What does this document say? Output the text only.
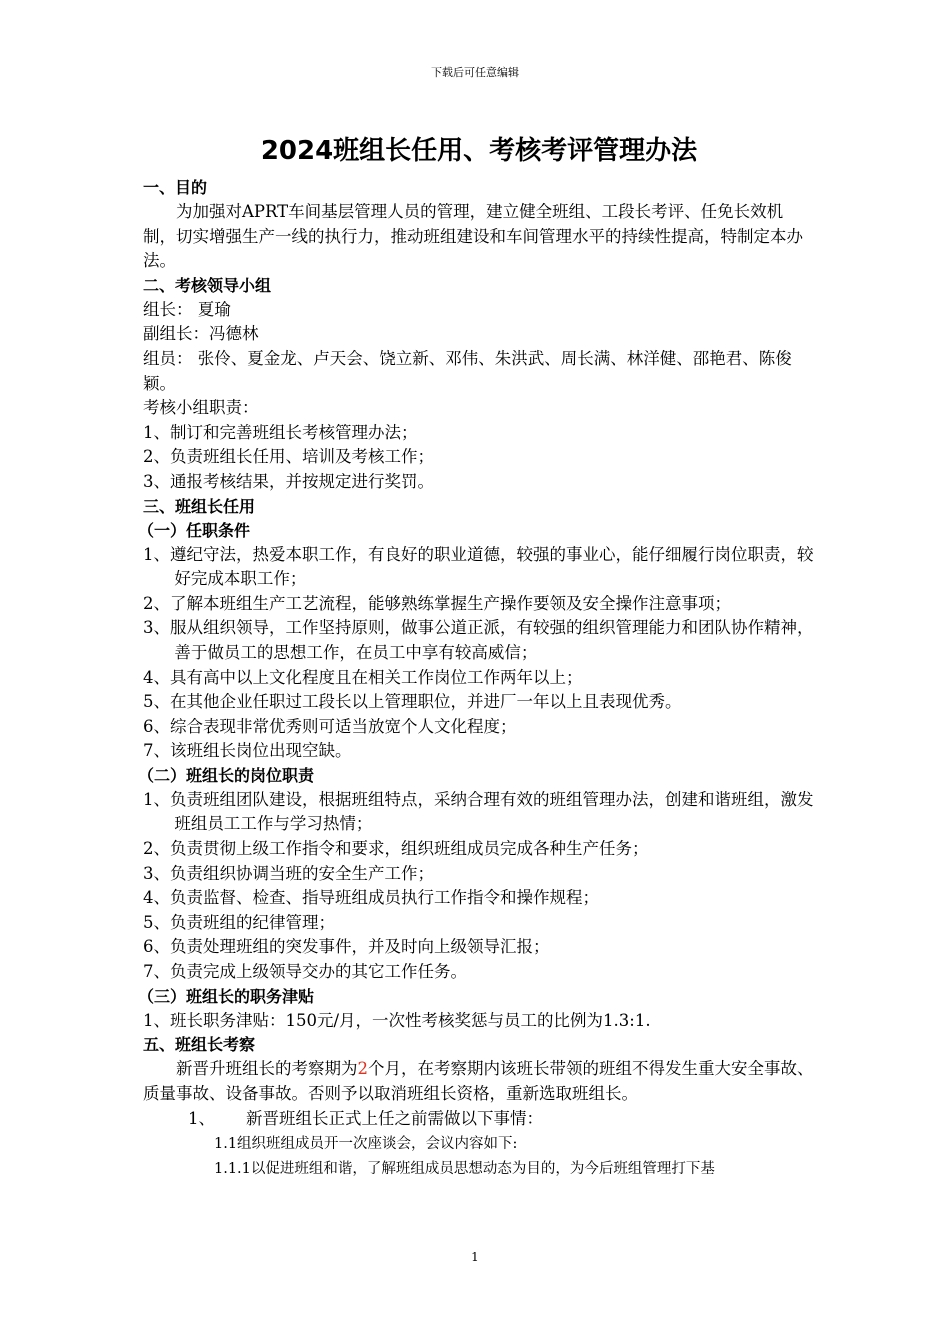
下载后可任意编辑
2024班组长任用、考核考评管理办法
一、目的
为加强对APRT车间基层管理人员的管理，建立健全班组、工段长考评、任免长效机制，切实增强生产一线的执行力，推动班组建设和车间管理水平的持续性提高，特制定本办法。
二、考核领导小组
组长： 夏瑜
副组长：冯德林
组员： 张伶、夏金龙、卢天会、饶立新、邓伟、朱洪武、周长满、林洋健、邵艳君、陈俊颖。
考核小组职责：
1、制订和完善班组长考核管理办法；
2、负责班组长任用、培训及考核工作；
3、通报考核结果，并按规定进行奖罚。
三、班组长任用
（一）任职条件
1、遵纪守法，热爱本职工作，有良好的职业道德，较强的事业心，能仔细履行岗位职责，较好完成本职工作；
2、了解本班组生产工艺流程，能够熟练掌握生产操作要领及安全操作注意事项；
3、服从组织领导，工作坚持原则，做事公道正派，有较强的组织管理能力和团队协作精神，善于做员工的思想工作，在员工中享有较高威信；
4、具有高中以上文化程度且在相关工作岗位工作两年以上；
5、在其他企业任职过工段长以上管理职位，并进厂一年以上且表现优秀。
6、综合表现非常优秀则可适当放宽个人文化程度；
7、该班组长岗位出现空缺。
（二）班组长的岗位职责
1、负责班组团队建设，根据班组特点，采纳合理有效的班组管理办法，创建和谐班组，激发班组员工工作与学习热情；
2、负责贯彻上级工作指令和要求，组织班组成员完成各种生产任务；
3、负责组织协调当班的安全生产工作；
4、负责监督、检查、指导班组成员执行工作指令和操作规程；
5、负责班组的纪律管理；
6、负责处理班组的突发事件，并及时向上级领导汇报；
7、负责完成上级领导交办的其它工作任务。
（三）班组长的职务津贴
1、班长职务津贴：150元/月，一次性考核奖惩与员工的比例为1.3:1.
五、班组长考察
新晋升班组长的考察期为2个月，在考察期内该班长带领的班组不得发生重大安全事故、质量事故、设备事故。否则予以取消班组长资格，重新选取班组长。
1、 新晋班组长正式上任之前需做以下事情：
1.1组织班组成员开一次座谈会，会议内容如下:
1.1.1以促进班组和谐，了解班组成员思想动态为目的，为今后班组管理打下基
1
